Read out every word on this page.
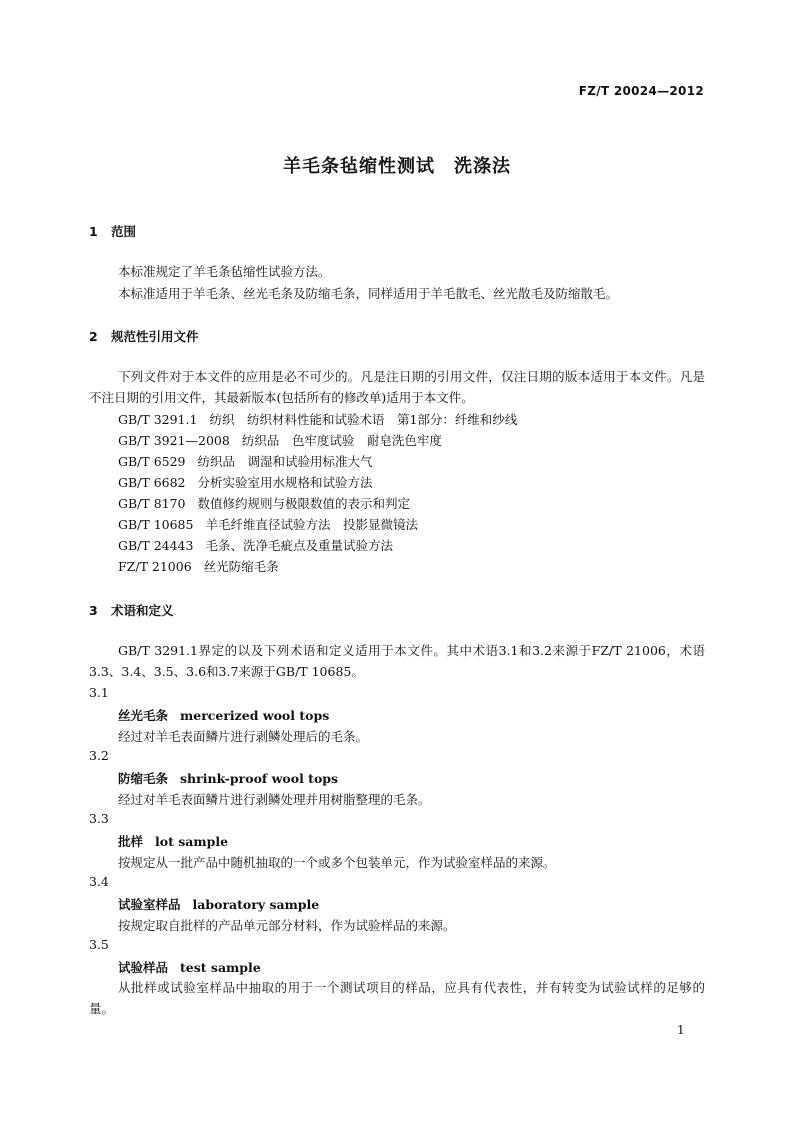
FZ/T 20024—2012
羊毛条毡缩性测试　洗涤法
1 范围
本标准规定了羊毛条毡缩性试验方法。
本标准适用于羊毛条、丝光毛条及防缩毛条，同样适用于羊毛散毛、丝光散毛及防缩散毛。
2 规范性引用文件
下列文件对于本文件的应用是必不可少的。凡是注日期的引用文件，仅注日期的版本适用于本文件。凡是不注日期的引用文件，其最新版本(包括所有的修改单)适用于本文件。
GB/T 3291.1 纺织　纺织材料性能和试验术语　第1部分：纤维和纱线
GB/T 3921—2008 纺织品　色牢度试验　耐皂洗色牢度
GB/T 6529 纺织品　调湿和试验用标准大气
GB/T 6682 分析实验室用水规格和试验方法
GB/T 8170 数值修约规则与极限数值的表示和判定
GB/T 10685 羊毛纤维直径试验方法　投影显微镜法
GB/T 24443 毛条、洗净毛疵点及重量试验方法
FZ/T 21006 丝光防缩毛条
3 术语和定义
GB/T 3291.1界定的以及下列术语和定义适用于本文件。其中术语3.1和3.2来源于FZ/T 21006，术语3.3、3.4、3.5、3.6和3.7来源于GB/T 10685。
3.1
丝光毛条 mercerized wool tops
经过对羊毛表面鳞片进行剥鳞处理后的毛条。
3.2
防缩毛条 shrink-proof wool tops
经过对羊毛表面鳞片进行剥鳞处理并用树脂整理的毛条。
3.3
批样 lot sample
按规定从一批产品中随机抽取的一个或多个包装单元，作为试验室样品的来源。
3.4
试验室样品 laboratory sample
按规定取自批样的产品单元部分材料，作为试验样品的来源。
3.5
试验样品 test sample
从批样或试验室样品中抽取的用于一个测试项目的样品，应具有代表性，并有转变为试验试样的足够的量。
1
